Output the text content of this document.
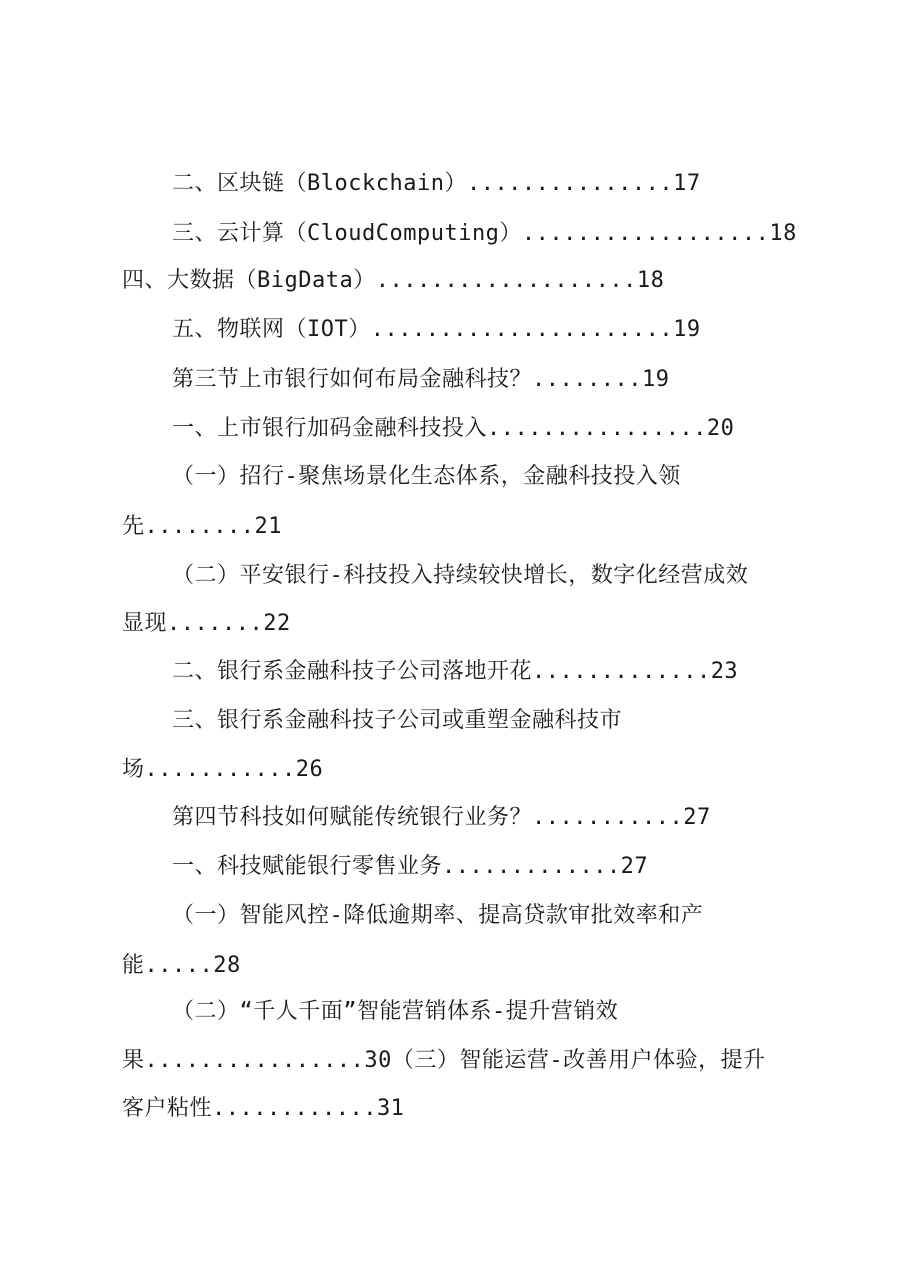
二、区块链（Blockchain）...............17
三、云计算（CloudComputing）..................18
四、大数据（BigData）...................18
五、物联网（IOT）......................19
第三节上市银行如何布局金融科技？........19
一、上市银行加码金融科技投入................20
（一）招行-聚焦场景化生态体系，金融科技投入领
先........21
（二）平安银行-科技投入持续较快增长，数字化经营成效
显现.......22
二、银行系金融科技子公司落地开花.............23
三、银行系金融科技子公司或重塑金融科技市
场...........26
第四节科技如何赋能传统银行业务？...........27
一、科技赋能银行零售业务.............27
（一）智能风控-降低逾期率、提高贷款审批效率和产
能.....28
（二）“千人千面”智能营销体系-提升营销效
果................30（三）智能运营-改善用户体验，提升
客户粘性............31
